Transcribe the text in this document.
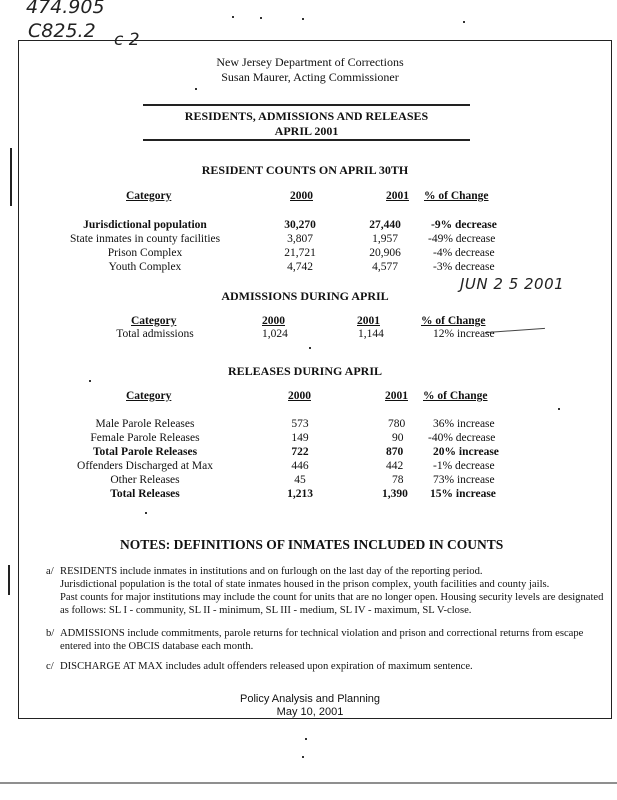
474.905
C825.2 c 2
New Jersey Department of Corrections
Susan Maurer, Acting Commissioner
RESIDENTS, ADMISSIONS AND RELEASES
APRIL 2001
RESIDENT COUNTS ON APRIL 30TH
Category	2000	2001 % of Change
Jurisdictional population	30,270	27,440	-9% decrease
State inmates in county facilities	3,807	1,957	-49% decrease
Prison Complex	21,721	20,906	-4% decrease
Youth Complex	4,742	4,577	-3% decrease
JUN 2 5 2001
ADMISSIONS DURING APRIL
Category	2000	2001	% of Change
Total admissions	1,024	1,144	12% increase
RELEASES DURING APRIL
Category	2000	2001 % of Change
Male Parole Releases	573	780 36% increase
Female Parole Releases	149	90 -40% decrease
Total Parole Releases	722	870	20% increase
Offenders Discharged at Max	446	442	-1% decrease
Other Releases	45	78	73% increase
Total Releases	1,213	1,390 15% increase
NOTES: DEFINITIONS OF INMATES INCLUDED IN COUNTS
a/ RESIDENTS include inmates in institutions and on furlough on the last day of the reporting period.
Jurisdictional population is the total of state inmates housed in the prison complex, youth facilities and county jails.
Past counts for major institutions may include the count for units that are no longer open. Housing security levels are designated
as follows: SL I - community, SL II - minimum, SL III - medium, SL IV - maximum, SL V-close.
b/ ADMISSIONS include commitments, parole returns for technical violation and prison and correctional returns from escape
entered into the OBCIS database each month.
c/ DISCHARGE AT MAX includes adult offenders released upon expiration of maximum sentence.
Policy Analysis and Planning
May 10, 2001
